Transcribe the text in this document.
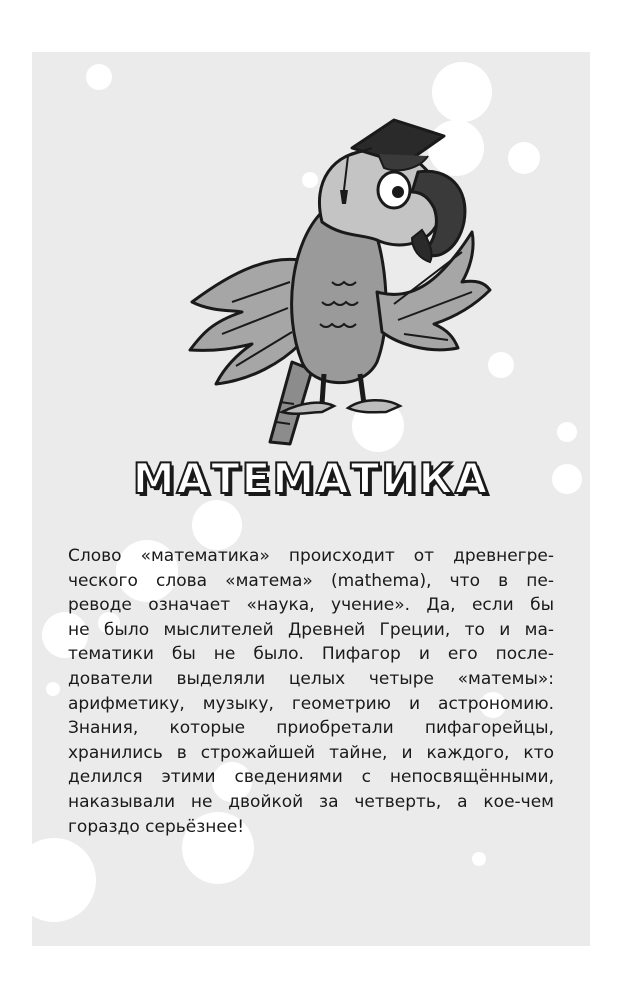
МАТЕМАТИКА
Слово «математика» происходит от древнегре-
ческого слова «матема» (mathema), что в пе-
реводе означает «наука, учение». Да, если бы
не было мыслителей Древней Греции, то и ма-
тематики бы не было. Пифагор и его после-
дователи выделяли целых четыре «матемы»:
арифметику, музыку, геометрию и астрономию.
Знания, которые приобретали пифагорейцы,
хранились в строжайшей тайне, и каждого, кто
делился этими сведениями с непосвящёнными,
наказывали не двойкой за четверть, а кое-чем
гораздо серьёзнее!
